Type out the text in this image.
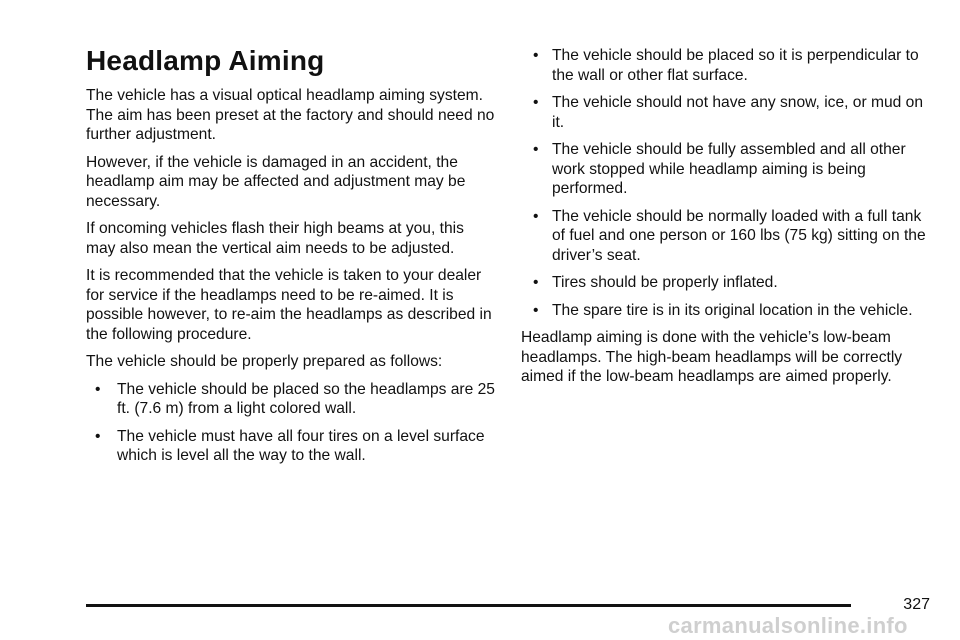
Headlamp Aiming

The vehicle has a visual optical headlamp aiming system. The aim has been preset at the factory and should need no further adjustment.

However, if the vehicle is damaged in an accident, the headlamp aim may be affected and adjustment may be necessary.

If oncoming vehicles flash their high beams at you, this may also mean the vertical aim needs to be adjusted.

It is recommended that the vehicle is taken to your dealer for service if the headlamps need to be re-aimed. It is possible however, to re-aim the headlamps as described in the following procedure.

The vehicle should be properly prepared as follows:

• The vehicle should be placed so the headlamps are 25 ft. (7.6 m) from a light colored wall.
• The vehicle must have all four tires on a level surface which is level all the way to the wall.
• The vehicle should be placed so it is perpendicular to the wall or other flat surface.
• The vehicle should not have any snow, ice, or mud on it.
• The vehicle should be fully assembled and all other work stopped while headlamp aiming is being performed.
• The vehicle should be normally loaded with a full tank of fuel and one person or 160 lbs (75 kg) sitting on the driver’s seat.
• Tires should be properly inflated.
• The spare tire is in its original location in the vehicle.

Headlamp aiming is done with the vehicle’s low-beam headlamps. The high-beam headlamps will be correctly aimed if the low-beam headlamps are aimed properly.

327
carmanualsonline.info
